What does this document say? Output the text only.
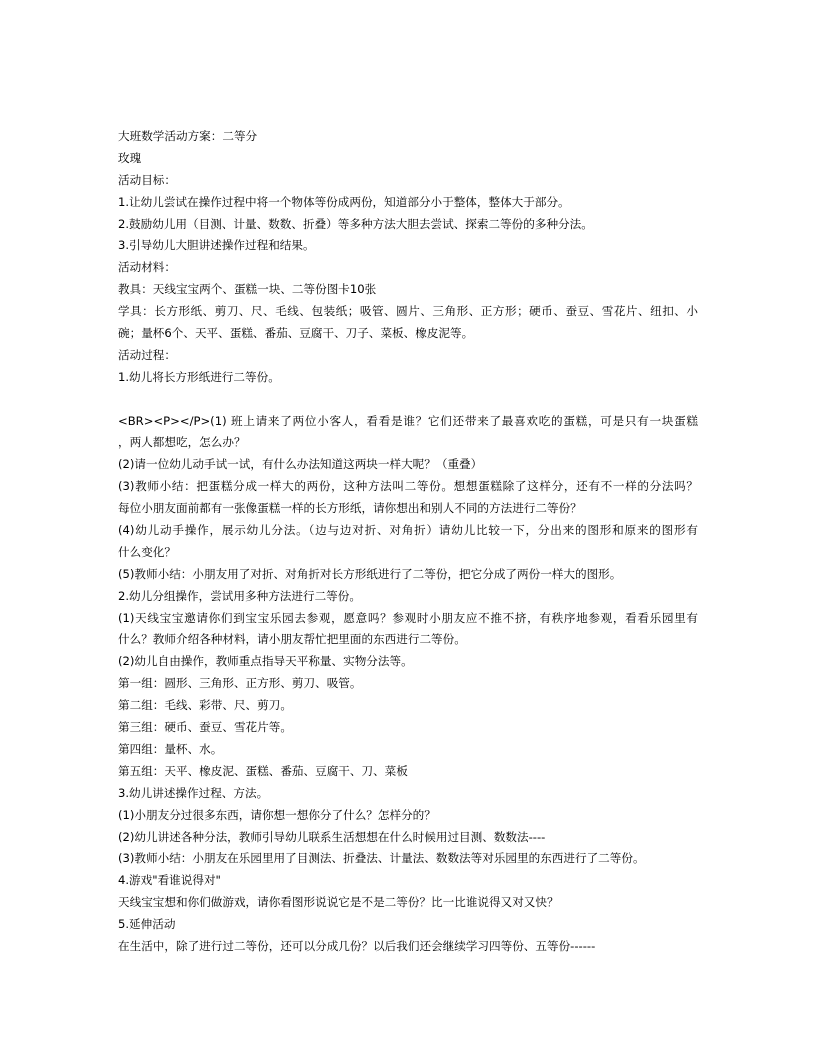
大班数学活动方案：二等分
玫瑰
活动目标：
1.让幼儿尝试在操作过程中将一个物体等份成两份，知道部分小于整体，整体大于部分。
2.鼓励幼儿用（目测、计量、数数、折叠）等多种方法大胆去尝试、探索二等份的多种分法。
3.引导幼儿大胆讲述操作过程和结果。
活动材料：
教具：天线宝宝两个、蛋糕一块、二等份图卡10张
学具：长方形纸、剪刀、尺、毛线、包装纸；吸管、圆片、三角形、正方形；硬币、蚕豆、雪花片、纽扣、小
碗；量杯6个、天平、蛋糕、番茄、豆腐干、刀子、菜板、橡皮泥等。
活动过程：
1.幼儿将长方形纸进行二等份。
<BR><P></P>(1) 班上请来了两位小客人，看看是谁？它们还带来了最喜欢吃的蛋糕，可是只有一块蛋糕
，两人都想吃，怎么办？
(2)请一位幼儿动手试一试，有什么办法知道这两块一样大呢？（重叠）
(3)教师小结：把蛋糕分成一样大的两份，这种方法叫二等份。想想蛋糕除了这样分，还有不一样的分法吗？
每位小朋友面前都有一张像蛋糕一样的长方形纸，请你想出和别人不同的方法进行二等份？
(4)幼儿动手操作，展示幼儿分法。（边与边对折、对角折）请幼儿比较一下，分出来的图形和原来的图形有
什么变化？
(5)教师小结：小朋友用了对折、对角折对长方形纸进行了二等份，把它分成了两份一样大的图形。
2.幼儿分组操作，尝试用多种方法进行二等份。
(1)天线宝宝邀请你们到宝宝乐园去参观，愿意吗？参观时小朋友应不推不挤，有秩序地参观，看看乐园里有
什么？教师介绍各种材料，请小朋友帮忙把里面的东西进行二等份。
(2)幼儿自由操作，教师重点指导天平称量、实物分法等。
第一组：圆形、三角形、正方形、剪刀、吸管。
第二组：毛线、彩带、尺、剪刀。
第三组：硬币、蚕豆、雪花片等。
第四组：量杯、水。
第五组：天平、橡皮泥、蛋糕、番茄、豆腐干、刀、菜板
3.幼儿讲述操作过程、方法。
(1)小朋友分过很多东西，请你想一想你分了什么？怎样分的？
(2)幼儿讲述各种分法，教师引导幼儿联系生活想想在什么时候用过目测、数数法----
(3)教师小结：小朋友在乐园里用了目测法、折叠法、计量法、数数法等对乐园里的东西进行了二等份。
4.游戏"看谁说得对"
天线宝宝想和你们做游戏，请你看图形说说它是不是二等份？比一比谁说得又对又快？
5.延伸活动
在生活中，除了进行过二等份，还可以分成几份？以后我们还会继续学习四等份、五等份------
